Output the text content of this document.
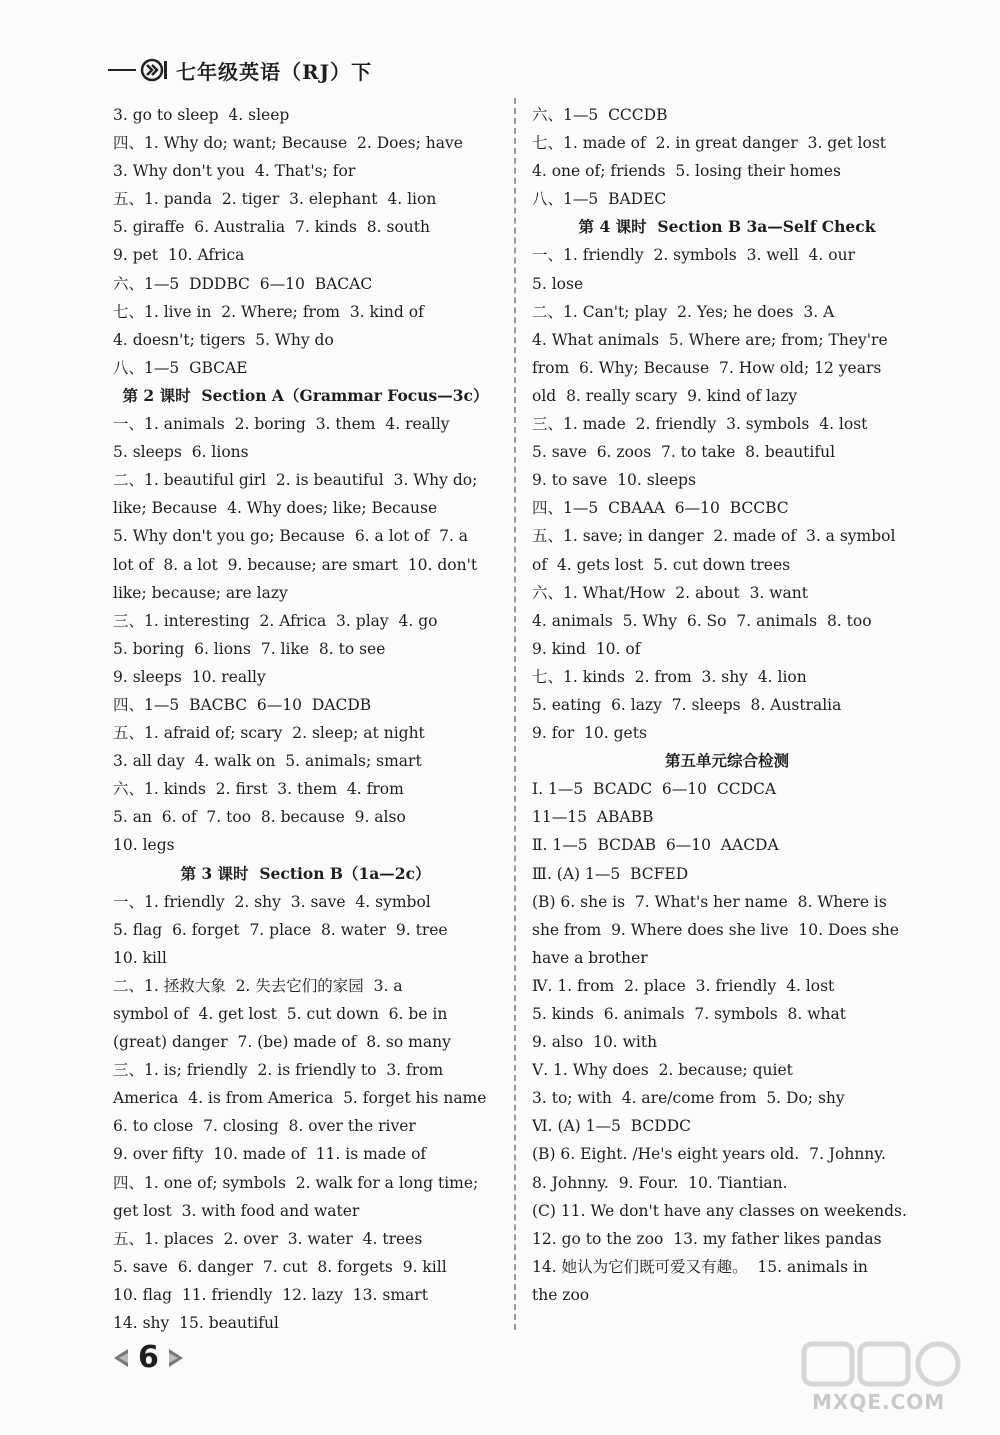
七年级英语（RJ）下
3. go to sleep  4. sleep
四、1. Why do; want; Because  2. Does; have
3. Why don't you  4. That's; for
五、1. panda  2. tiger  3. elephant  4. lion
5. giraffe  6. Australia  7. kinds  8. south
9. pet  10. Africa
六、1—5  DDDBC  6—10  BACAC
七、1. live in  2. Where; from  3. kind of
4. doesn't; tigers  5. Why do
八、1—5  GBCAE
第 2 课时  Section A（Grammar Focus—3c）
一、1. animals  2. boring  3. them  4. really
5. sleeps  6. lions
二、1. beautiful girl  2. is beautiful  3. Why do;
like; Because  4. Why does; like; Because
5. Why don't you go; Because  6. a lot of  7. a
lot of  8. a lot  9. because; are smart  10. don't
like; because; are lazy
三、1. interesting  2. Africa  3. play  4. go
5. boring  6. lions  7. like  8. to see
9. sleeps  10. really
四、1—5  BACBC  6—10  DACDB
五、1. afraid of; scary  2. sleep; at night
3. all day  4. walk on  5. animals; smart
六、1. kinds  2. first  3. them  4. from
5. an  6. of  7. too  8. because  9. also
10. legs
第 3 课时  Section B（1a—2c）
一、1. friendly  2. shy  3. save  4. symbol
5. flag  6. forget  7. place  8. water  9. tree
10. kill
二、1. 拯救大象  2. 失去它们的家园  3. a
symbol of  4. get lost  5. cut down  6. be in
(great) danger  7. (be) made of  8. so many
三、1. is; friendly  2. is friendly to  3. from
America  4. is from America  5. forget his name
6. to close  7. closing  8. over the river
9. over fifty  10. made of  11. is made of
四、1. one of; symbols  2. walk for a long time;
get lost  3. with food and water
五、1. places  2. over  3. water  4. trees
5. save  6. danger  7. cut  8. forgets  9. kill
10. flag  11. friendly  12. lazy  13. smart
14. shy  15. beautiful
六、1—5  CCCDB
七、1. made of  2. in great danger  3. get lost
4. one of; friends  5. losing their homes
八、1—5  BADEC
第 4 课时  Section B 3a—Self Check
一、1. friendly  2. symbols  3. well  4. our
5. lose
二、1. Can't; play  2. Yes; he does  3. A
4. What animals  5. Where are; from; They're
from  6. Why; Because  7. How old; 12 years
old  8. really scary  9. kind of lazy
三、1. made  2. friendly  3. symbols  4. lost
5. save  6. zoos  7. to take  8. beautiful
9. to save  10. sleeps
四、1—5  CBAAA  6—10  BCCBC
五、1. save; in danger  2. made of  3. a symbol
of  4. gets lost  5. cut down trees
六、1. What/How  2. about  3. want
4. animals  5. Why  6. So  7. animals  8. too
9. kind  10. of
七、1. kinds  2. from  3. shy  4. lion
5. eating  6. lazy  7. sleeps  8. Australia
9. for  10. gets
第五单元综合检测
Ⅰ. 1—5  BCADC  6—10  CCDCA
11—15  ABABB
Ⅱ. 1—5  BCDAB  6—10  AACDA
Ⅲ. (A) 1—5  BCFED
(B) 6. she is  7. What's her name  8. Where is
she from  9. Where does she live  10. Does she
have a brother
Ⅳ. 1. from  2. place  3. friendly  4. lost
5. kinds  6. animals  7. symbols  8. what
9. also  10. with
Ⅴ. 1. Why does  2. because; quiet
3. to; with  4. are/come from  5. Do; shy
Ⅵ. (A) 1—5  BCDDC
(B) 6. Eight. /He's eight years old.  7. Johnny.
8. Johnny.  9. Four.  10. Tiantian.
(C) 11. We don't have any classes on weekends.
12. go to the zoo  13. my father likes pandas
14. 她认为它们既可爱又有趣。  15. animals in
the zoo
6
MXQE.COM
